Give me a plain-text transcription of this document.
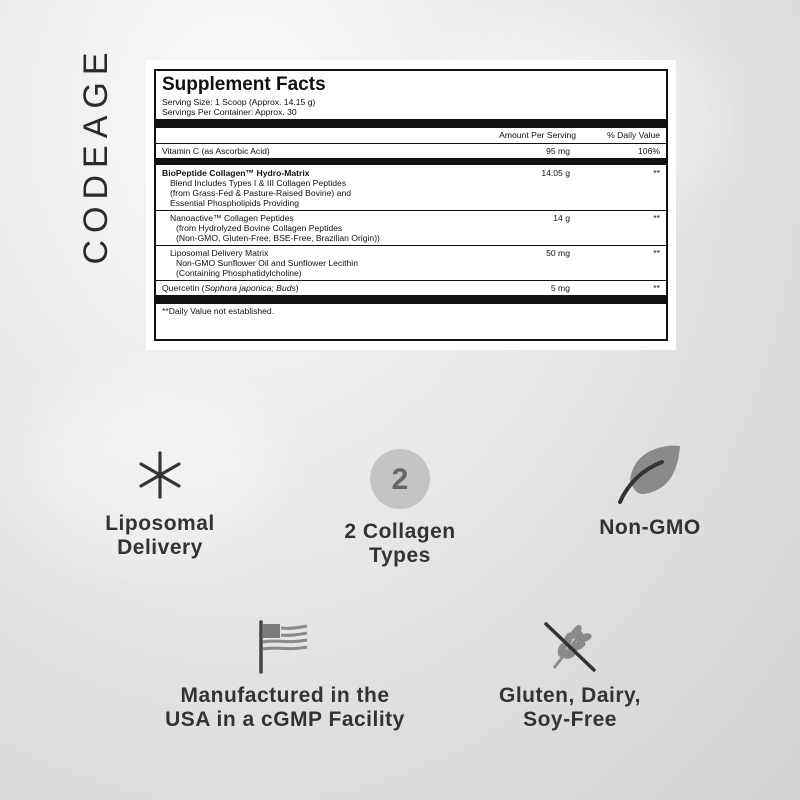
CODEAGE	Supplement Facts
Serving Size: 1 Scoop (Approx. 14.15 g)
Servings Per Container: Approx. 30
Amount Per Serving	% Daily Value
Vitamin C (as Ascorbic Acid)	95 mg	106%
BioPeptide Collagen™ Hydro-Matrix
Blend Includes Types I & III Collagen Peptides
(from Grass-Fed & Pasture-Raised Bovine) and
Essential Phospholipids Providing
14.05 g	**
Nanoactive™ Collagen Peptides
(from Hydrolyzed Bovine Collagen Peptides
(Non-GMO, Gluten-Free, BSE-Free, Brazilian Origin))
14 g	**
Liposomal Delivery Matrix
Non-GMO Sunflower Oil and Sunflower Lecithin
(Containing Phosphatidylcholine)
50 mg	**
Quercetin (Sophora japonica; Buds)	5 mg	**
**Daily Value not established.
Liposomal
Delivery
2
2 Collagen
Types
Non-GMO
Manufactured in the
USA in a cGMP Facility
Gluten, Dairy,
Soy-Free
